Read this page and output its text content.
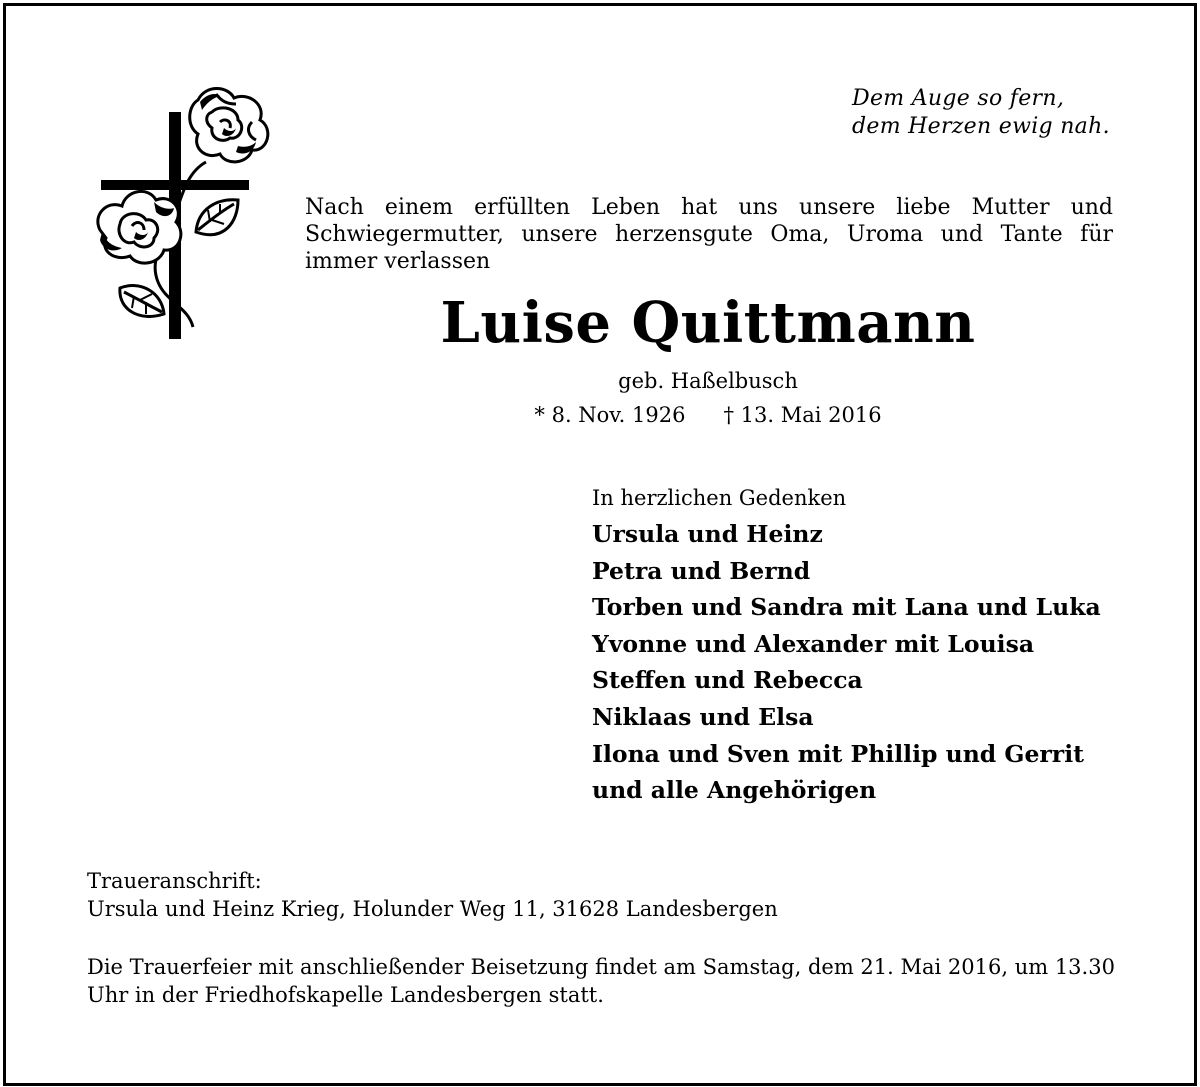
Dem Auge so fern,
dem Herzen ewig nah.
Nach einem erfüllten Leben hat uns unsere liebe Mutter und Schwiegermutter, unsere herzensgute Oma, Uroma und Tante für immer verlassen
Luise Quittmann
geb. Haßelbusch
* 8. Nov. 1926 † 13. Mai 2016
In herzlichen Gedenken
Ursula und Heinz
Petra und Bernd
Torben und Sandra mit Lana und Luka
Yvonne und Alexander mit Louisa
Steffen und Rebecca
Niklaas und Elsa
Ilona und Sven mit Phillip und Gerrit
und alle Angehörigen
Traueranschrift:
Ursula und Heinz Krieg, Holunder Weg 11, 31628 Landesbergen
Die Trauerfeier mit anschließender Beisetzung findet am Samstag, dem 21. Mai 2016, um 13.30 Uhr in der Friedhofskapelle Landesbergen statt.
